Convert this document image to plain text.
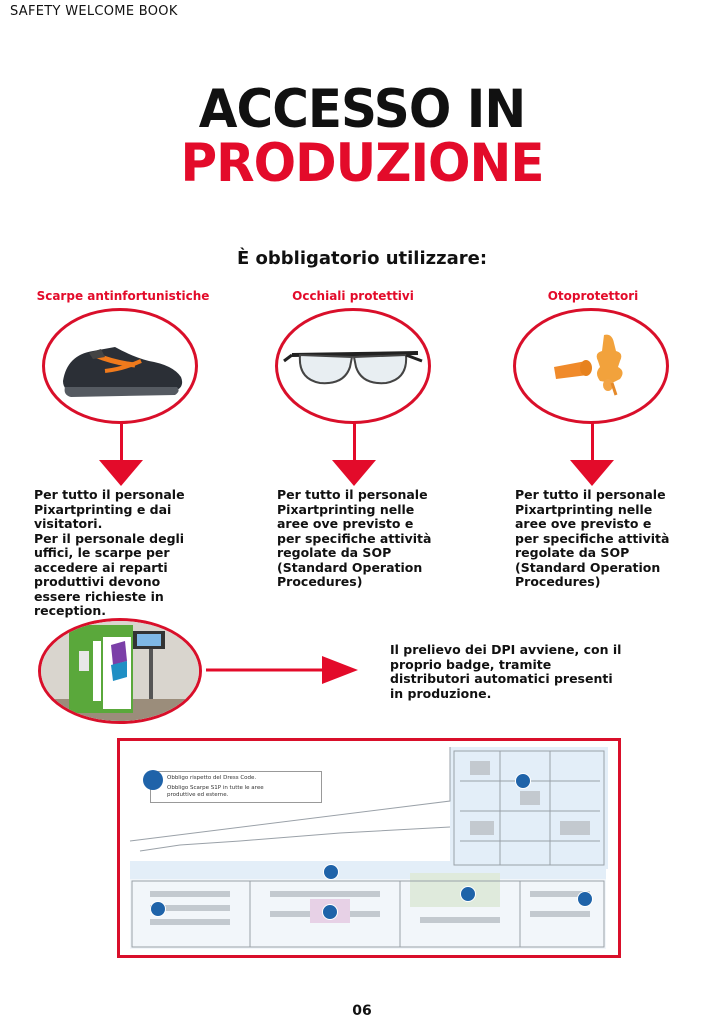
SAFETY WELCOME BOOK
ACCESSO IN
PRODUZIONE
È obbligatorio utilizzare:
Scarpe antinfortunistiche
Per tutto il personale
Pixartprinting e dai
visitatori.
Per il personale degli
uffici, le scarpe per
accedere ai reparti
produttivi devono
essere richieste in
reception.
Occhiali protettivi
Per tutto il personale
Pixartprinting nelle
aree ove previsto e
per specifiche attività
regolate da SOP
(Standard Operation
Procedures)
Otoprotettori
Per tutto il personale
Pixartprinting nelle
aree ove previsto e
per specifiche attività
regolate da SOP
(Standard Operation
Procedures)
Il prelievo dei DPI avviene, con il
proprio badge, tramite
distributori automatici presenti
in produzione.
Obbligo rispetto del Dress Code.
Obbligo Scarpe S1P in tutte le aree
produttive ed esterne.
06
